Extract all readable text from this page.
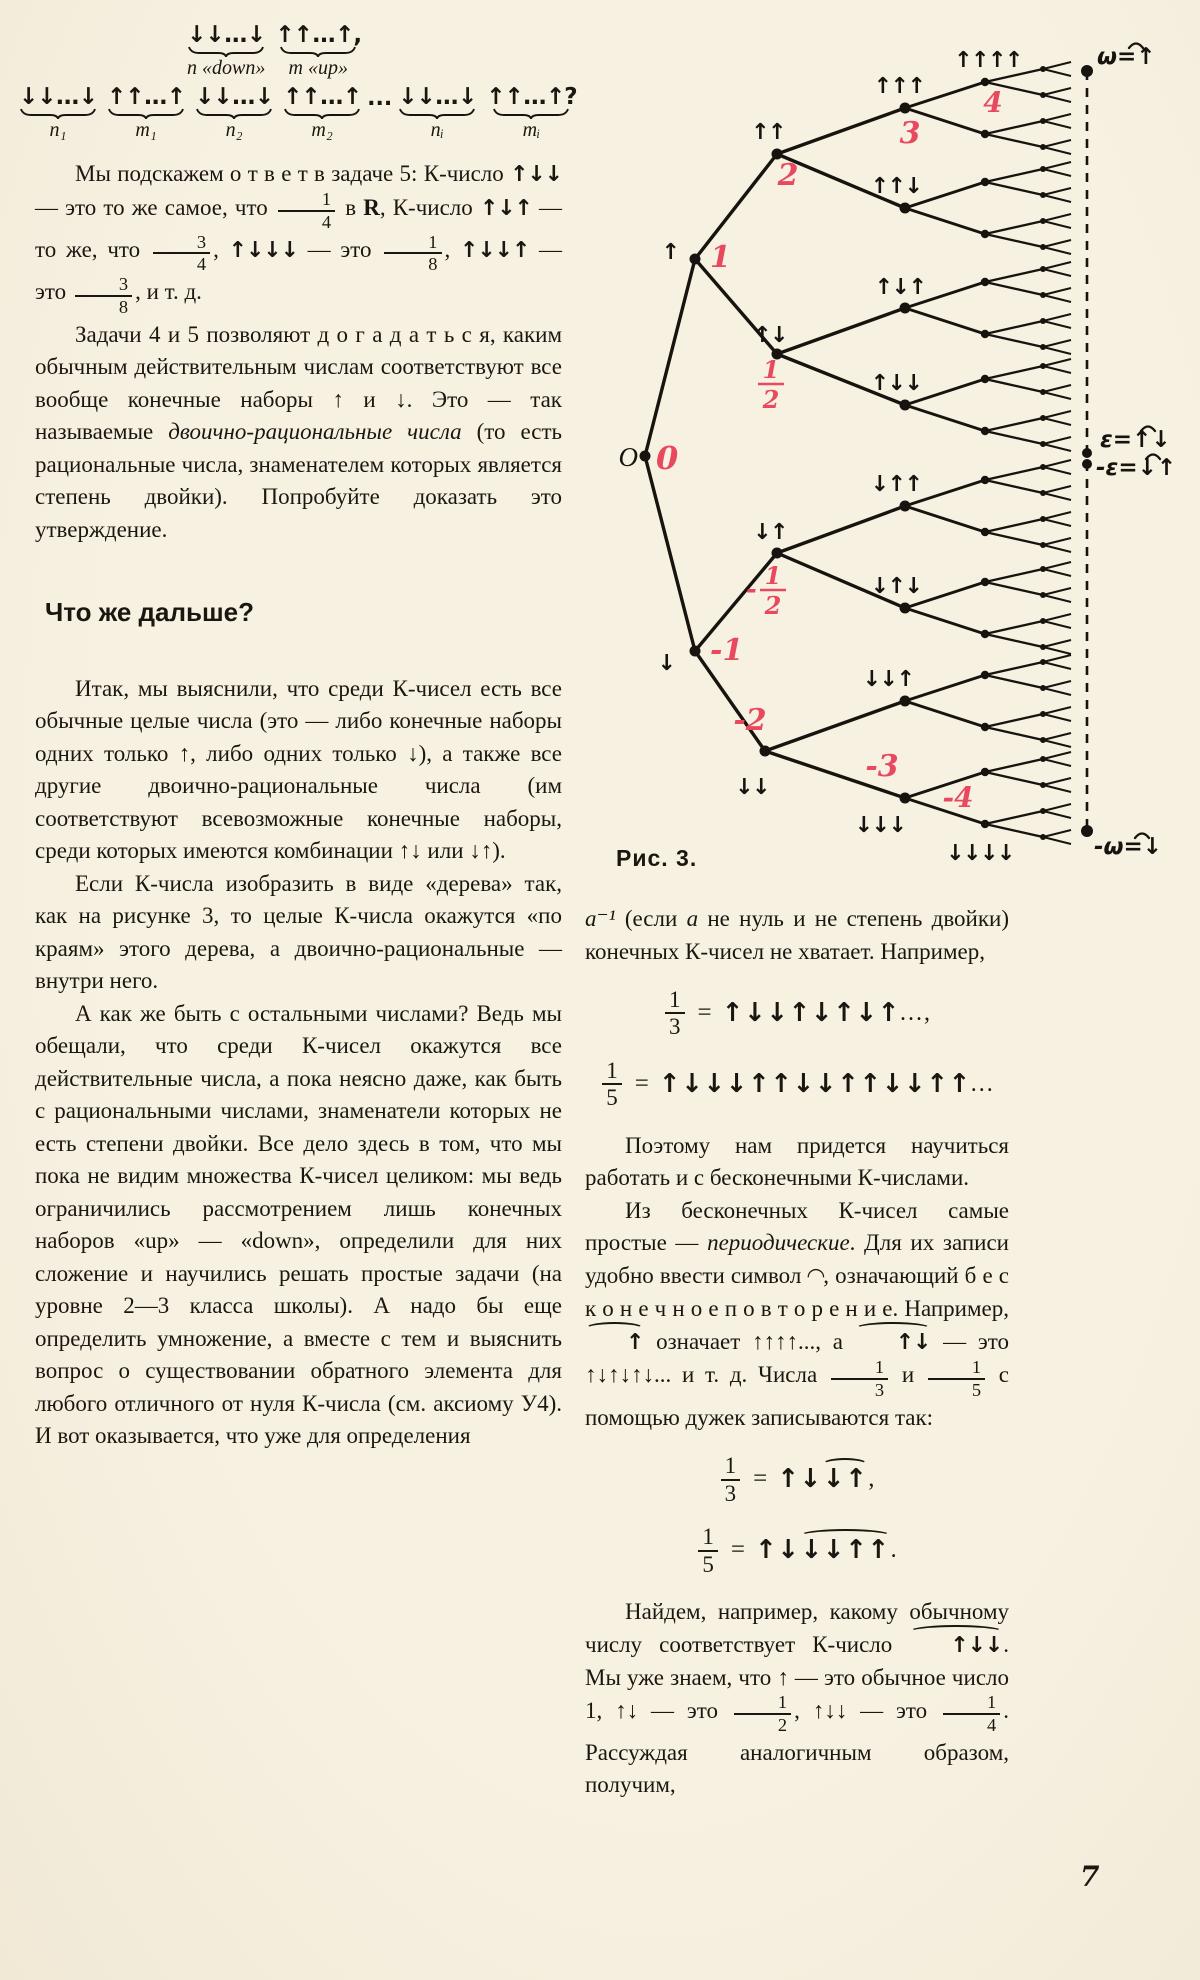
↓↓...↓
n «down»
↑↑...↑ ,
m «up»
↓↓...↓
n₁
↑↑...↑
m₁
↓↓...↓
n₂
↑↑...↑
m₂
... ↓↓...↓
nᵢ
↑↑...↑ ?
mᵢ

Мы подскажем о т в е т в задаче 5: К-число ↑↓↓ — это то же самое, что $\frac{1}{4}$ в R, К-число ↑↓↑ — то же, что $\frac{3}{4}$ , ↑↓↓↓ — это $\frac{1}{8}$ , ↑↓↓↑ — это $\frac{3}{8}$ , и т. д.

Задачи 4 и 5 позволяют д о г а д а т ь с я, каким обычным действительным числам соответствуют все вообще конечные наборы ↑ и ↓. Это — так называемые двоично-рациональные числа (то есть рациональные числа, знаменателем которых является степень двойки). Попробуйте доказать это утверждение.

Что же дальше?

Итак, мы выяснили, что среди К-чисел есть все обычные целые числа (это — либо конечные наборы одних только ↑, либо одних только ↓), а также все другие двоично-рациональные числа (им соответствуют всевозможные конечные наборы, среди которых имеются комбинации ↑↓ или ↓↑).

Если К-числа изобразить в виде «дерева» так, как на рисунке 3, то целые К-числа окажутся «по краям» этого дерева, а двоично-рациональные — внутри него.

А как же быть с остальными числами? Ведь мы обещали, что среди К-чисел окажутся все действительные числа, а пока неясно даже, как быть с рациональными числами, знаменатели которых не есть степени двойки. Все дело здесь в том, что мы пока не видим множества К-чисел целиком: мы ведь ограничились рассмотрением лишь конечных наборов «up» — «down», определили для них сложение и научились решать простые задачи (на уровне 2—3 класса школы). А надо бы еще определить умножение, а вместе с тем и выяснить вопрос о существовании обратного элемента для любого отличного от нуля К-числа (см. аксиому У4). И вот оказывается, что уже для определения

O 0
↑ 1
↑↑
2
↑↑↑
3
↑↑↑↑
4
↑↑↓
↑↓↑
↑↓
1
2
↑↓↓
↓↑↑
↓↑
- 1
2
↓↑↓
↓ -1
-2
↓↓
↓↓↑
-3
↓↓↓
-4
↓↓↓↓
ω=↑
ε=↑↓
-ε=↓↑
-ω=↓
Рис. 3.

a⁻¹ (если a не нуль и не степень двойки) конечных К-чисел не хватает. Например,

$\frac{1}{3}$ = ↑↓↓↑↓↑↓↑ ...,
$\frac{1}{5}$ = ↑↓↓↓↑↑↓↓↑↑↓↓↑↑ ...

Поэтому нам придется научиться работать и с бесконечными К-числами.

Из бесконечных К-чисел самые простые — периодические. Для их записи удобно ввести символ ◠, означающий б е с к о н е ч н о е п о в т о р е н и е. Например, ↑ означает ↑↑↑↑..., а ↑↓ — это ↑↓↑↓↑↓... и т. д. Числа $\frac{1}{3}$ и $\frac{1}{5}$ с помощью дужек записываются так:

$\frac{1}{3}$ = ↑↓ ↓↑ ,
$\frac{1}{5}$ = ↑↓ ↓↓↑↑ .

Найдем, например, какому обычному числу соответствует К-число ↑↓↓. Мы уже знаем, что ↑ — это обычное число 1, ↑↓ — это $\frac{1}{2}$ , ↑↓↓ — это $\frac{1}{4}$ . Рассуждая аналогичным образом, получим,

7
